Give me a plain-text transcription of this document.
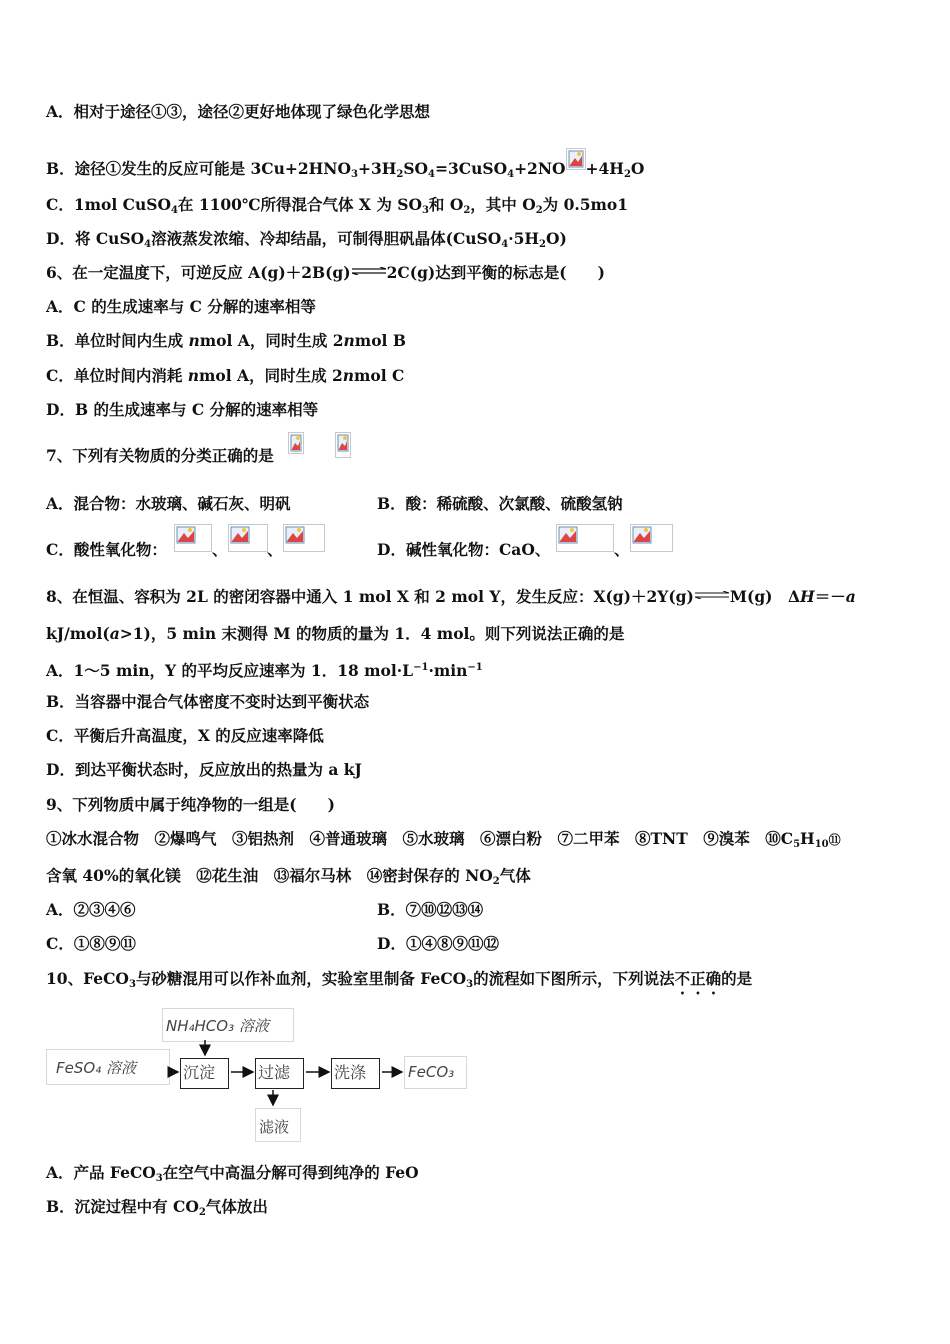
A．相对于途径①③，途径②更好地体现了绿色化学思想
B．途径①发生的反应可能是 $3Cu+2HNO_3+3H_2SO_4=3CuSO_4+2NO +4H_2O$
C．1mol CuSO$_4$在 1100℃所得混合气体 X 为 $SO_3$和 $O_2$，其中 $O_2$为 0.5mo1
D．将 CuSO$_4$溶液蒸发浓缩、冷却结晶，可制得胆矾晶体$(CuSO_4\cdot 5H_2O)$
6、在一定温度下，可逆反应 A(g)＋2B(g)⇌2C(g)达到平衡的标志是(　　)
A．C 的生成速率与 C 分解的速率相等
B．单位时间内生成 nmol A，同时生成 2nmol B
C．单位时间内消耗 nmol A，同时生成 2nmol C
D．B 的生成速率与 C 分解的速率相等
7、下列有关物质的分类正确的是
A．混合物：水玻璃、碱石灰、明矾	B．酸：稀硫酸、次氯酸、硫酸氢钠
C．酸性氧化物：	、	、	D．碱性氧化物：CaO、	、
8、在恒温、容积为 2L 的密闭容器中通入 1 mol X 和 2 mol Y，发生反应：X(g)＋2Y(g)⇌M(g)　ΔH＝－a
kJ/mol(a>1)，5 min 末测得 M 的物质的量为 1．4 mol。则下列说法正确的是
A．1～5 min，Y 的平均反应速率为 1．18 $mol\cdot L^{-1}\cdot\min^{-1}$
B．当容器中混合气体密度不变时达到平衡状态
C．平衡后升高温度，X 的反应速率降低
D．到达平衡状态时，反应放出的热量为 a kJ
9、下列物质中属于纯净物的一组是(　　)
①冰水混合物　②爆鸣气　③铝热剂　④普通玻璃　⑤水玻璃　⑥漂白粉　⑦二甲苯　⑧TNT　⑨溴苯　$⑩C_5H_{10}⑪$
含氧 40%的氧化镁　⑫花生油　⑬福尔马林　⑭密封保存的 $NO_2$气体
A．②③④⑥	B．⑦⑩⑫⑬⑭
C．①⑧⑨⑪	D．①④⑧⑨⑪⑫
10、FeCO$_3$与砂糖混用可以作补血剂，实验室里制备 FeCO$_3$的流程如下图所示，下列说法不正确的是
NH₄HCO₃ 溶液
FeSO₄ 溶液	沉淀	过滤	洗涤	FeCO₃
滤液
A．产品 FeCO$_3$在空气中高温分解可得到纯净的 FeO
B．沉淀过程中有 $CO_2$气体放出
